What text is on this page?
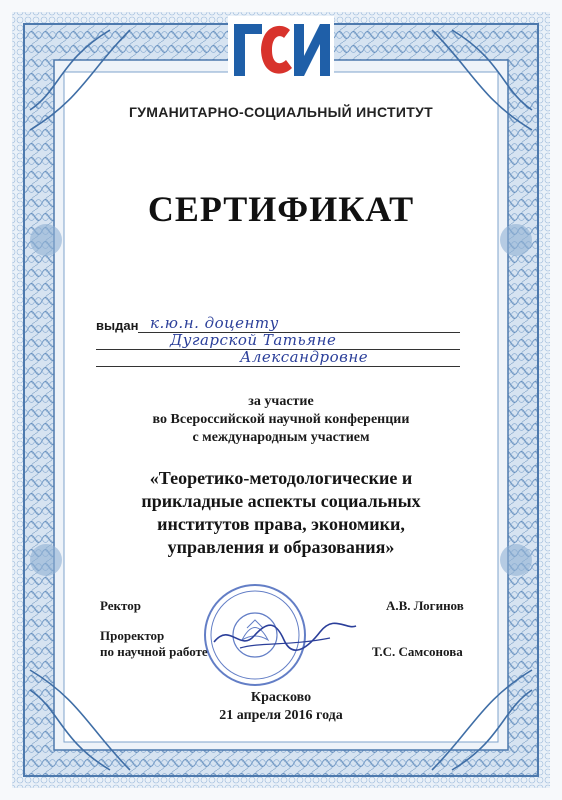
ГУМАНИТАРНО-СОЦИАЛЬНЫЙ ИНСТИТУТ
СЕРТИФИКАТ
выдан к.ю.н. доценту
Дугарской Татьяне
Александровне
за участие
во Всероссийской научной конференции
с международным участием
«Теоретико-методологические и
прикладные аспекты социальных
институтов права, экономики,
управления и образования»
Ректор	А.В. Логинов
Проректор
по научной работе	Т.С. Самсонова
Красково
21 апреля 2016 года
